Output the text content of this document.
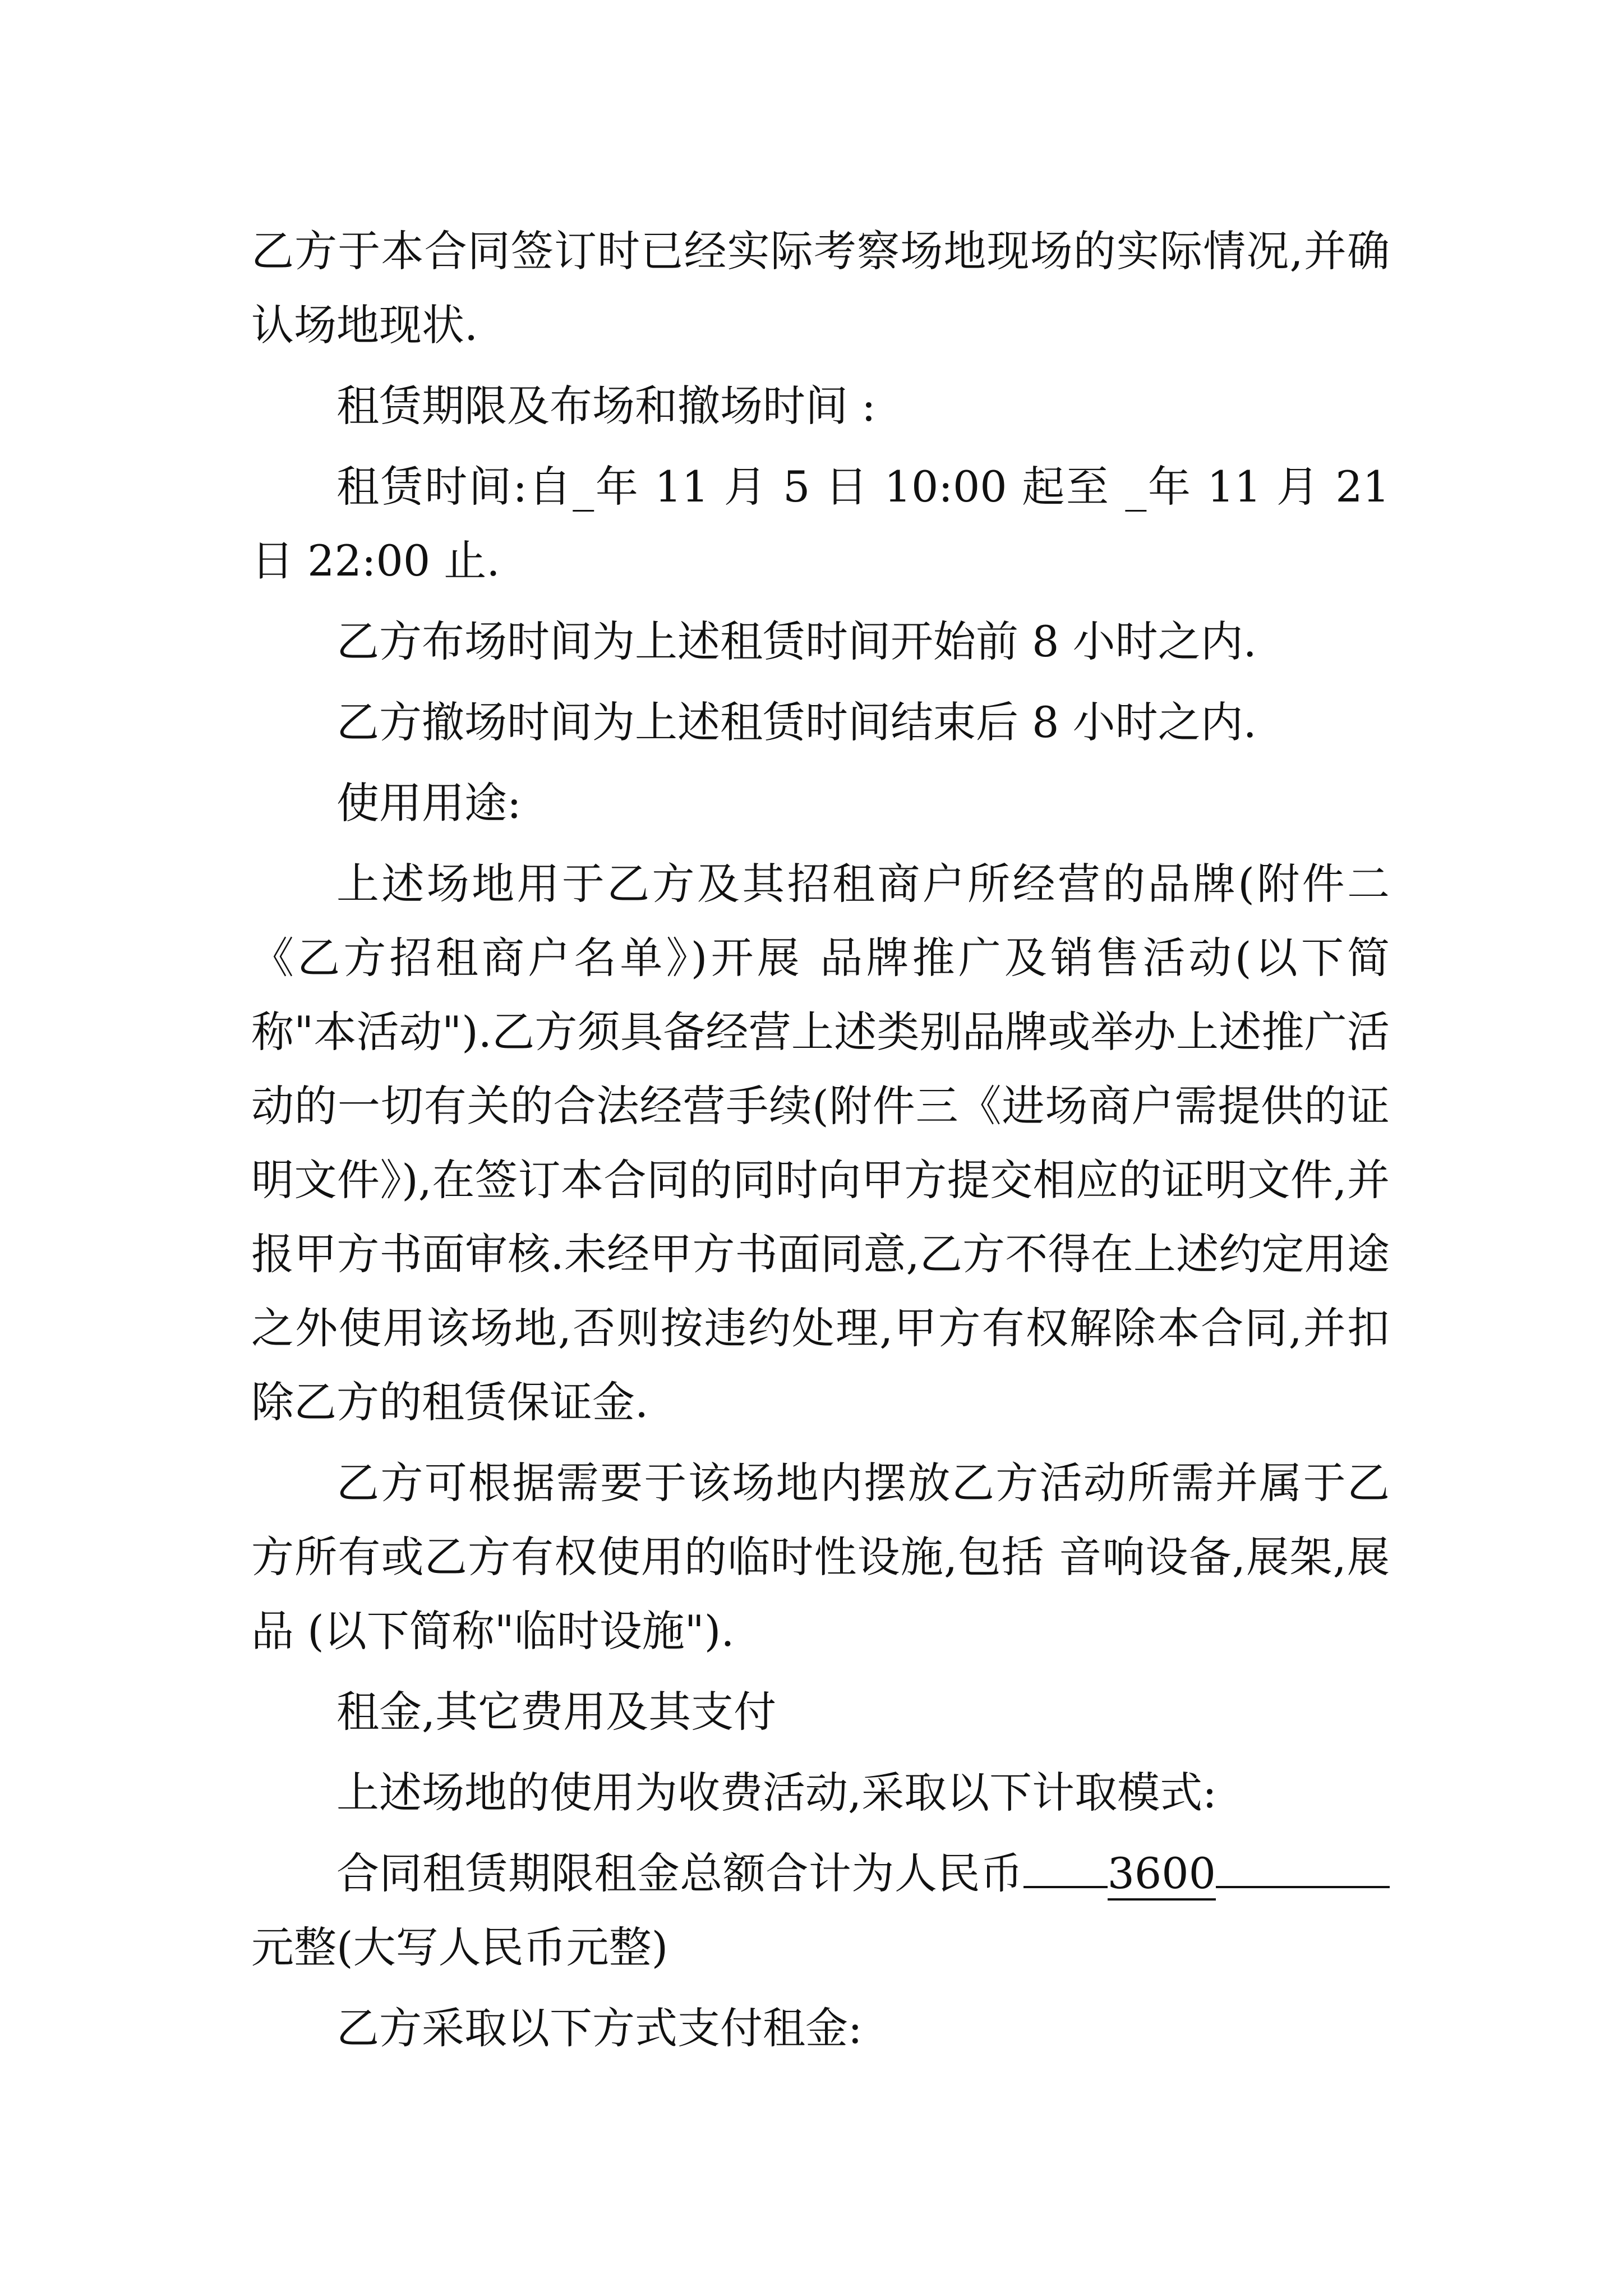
乙方于本合同签订时已经实际考察场地现场的实际情况,并确认场地现状.

租赁期限及布场和撤场时间 :

租赁时间:自_年 11 月 5 日 10:00 起至 _年 11 月 21 日 22:00 止.

乙方布场时间为上述租赁时间开始前 8 小时之内.

乙方撤场时间为上述租赁时间结束后 8 小时之内.

使用用途:

上述场地用于乙方及其招租商户所经营的品牌(附件二《乙方招租商户名单》)开展 品牌推广及销售活动(以下简称"本活动").乙方须具备经营上述类别品牌或举办上述推广活动的一切有关的合法经营手续(附件三《进场商户需提供的证明文件》),在签订本合同的同时向甲方提交相应的证明文件,并报甲方书面审核.未经甲方书面同意,乙方不得在上述约定用途之外使用该场地,否则按违约处理,甲方有权解除本合同,并扣除乙方的租赁保证金.

乙方可根据需要于该场地内摆放乙方活动所需并属于乙方所有或乙方有权使用的临时性设施,包括 音响设备,展架,展品 (以下简称"临时设施").

租金,其它费用及其支付

上述场地的使用为收费活动,采取以下计取模式:

合同租赁期限租金总额合计为人民币 3600元整(大写人民币元整)

乙方采取以下方式支付租金:
